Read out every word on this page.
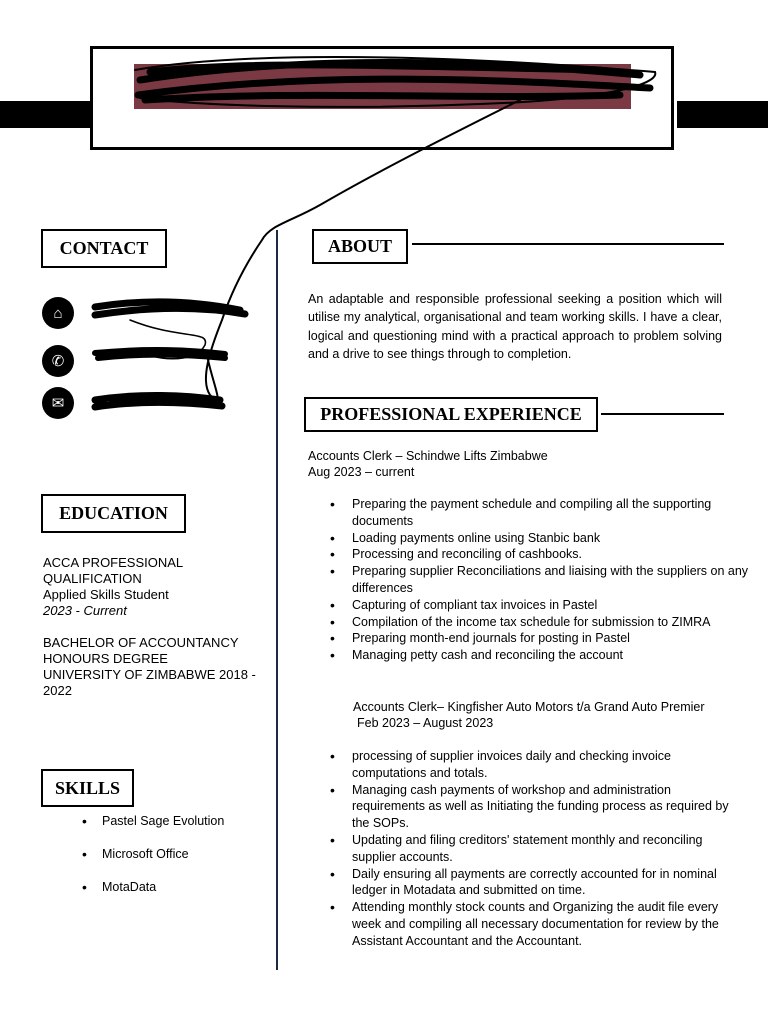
CONTACT
⌂
✆
✉
EDUCATION
ACCA PROFESSIONAL
QUALIFICATION
Applied Skills Student
2023 - Current
BACHELOR OF ACCOUNTANCY
HONOURS DEGREE
UNIVERSITY OF ZIMBABWE 2018 -
2022
SKILLS
• Pastel Sage Evolution
• Microsoft Office
• MotaData
ABOUT
An adaptable and responsible professional seeking a position which will utilise my analytical, organisational and team working skills. I have a clear, logical and questioning mind with a practical approach to problem solving and a drive to see things through to completion.
PROFESSIONAL EXPERIENCE
Accounts Clerk – Schindwe Lifts Zimbabwe
Aug 2023 – current
• Preparing the payment schedule and compiling all the supporting documents
• Loading payments online using Stanbic bank
• Processing and reconciling of cashbooks.
• Preparing supplier Reconciliations and liaising with the suppliers on any differences
• Capturing of compliant tax invoices in Pastel
• Compilation of the income tax schedule for submission to ZIMRA
• Preparing month-end journals for posting in Pastel
• Managing petty cash and reconciling the account
Accounts Clerk– Kingfisher Auto Motors t/a Grand Auto Premier
Feb 2023 – August 2023
• processing of supplier invoices daily and checking invoice computations and totals.
• Managing cash payments of workshop and administration requirements as well as Initiating the funding process as required by the SOPs.
• Updating and filing creditors' statement monthly and reconciling supplier accounts.
• Daily ensuring all payments are correctly accounted for in nominal ledger in Motadata and submitted on time.
• Attending monthly stock counts and Organizing the audit file every week and compiling all necessary documentation for review by the Assistant Accountant and the Accountant.
